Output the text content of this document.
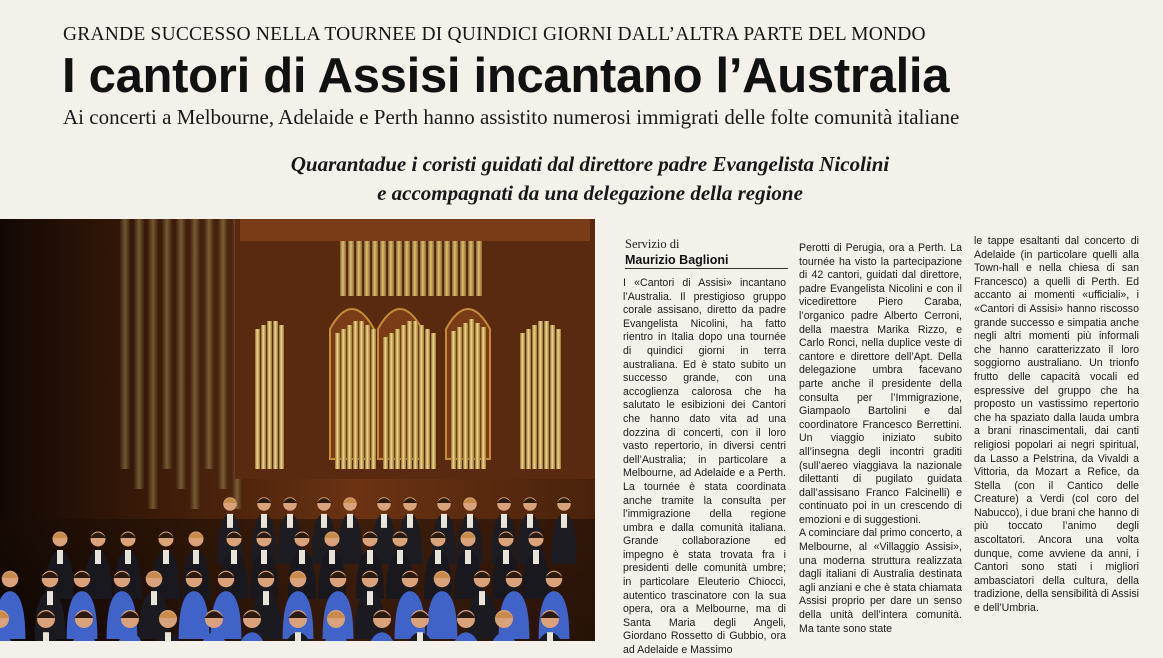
GRANDE SUCCESSO NELLA TOURNEE DI QUINDICI GIORNI DALL’ALTRA PARTE DEL MONDO
I cantori di Assisi incantano l’Australia
Ai concerti a Melbourne, Adelaide e Perth hanno assistito numerosi immigrati delle folte comunità italiane
Quarantadue i coristi guidati dal direttore padre Evangelista Nicolini
e accompagnati da una delegazione della regione
Servizio di
Maurizio Baglioni

I «Cantori di Assisi» incantano l’Australia. Il prestigioso gruppo corale assisano, diretto da padre Evangelista Nicolini, ha fatto rientro in Italia dopo una tournée di quindici giorni in terra australiana. Ed è stato subito un successo grande, con una accoglienza calorosa che ha salutato le esibizioni dei Cantori che hanno dato vita ad una dozzina di concerti, con il loro vasto repertorio, in diversi centri dell’Australia; in particolare a Melbourne, ad Adelaide e a Perth. La tournée è stata coordinata anche tramite la consulta per l’immigrazione della regione umbra e dalla comunità italiana. Grande collaborazione ed impegno è stata trovata fra i presidenti delle comunità umbre; in particolare Eleuterio Chiocci, autentico trascinatore con la sua opera, ora a Melbourne, ma di Santa Maria degli Angeli, Giordano Rossetto di Gubbio, ora ad Adelaide e Massimo

Perotti di Perugia, ora a Perth. La tournée ha visto la partecipazione di 42 cantori, guidati dal direttore, padre Evangelista Nicolini e con il vicedirettore Piero Caraba, l’organico padre Alberto Cerroni, della maestra Marika Rizzo, e Carlo Ronci, nella duplice veste di cantore e direttore dell’Apt. Della delegazione umbra facevano parte anche il presidente della consulta per l’Immigrazione, Giampaolo Bartolini e dal coordinatore Francesco Berrettini. Un viaggio iniziato subito all’insegna degli incontri graditi (sull’aereo viaggiava la nazionale dilettanti di pugilato guidata dall’assisano Franco Falcinelli) e continuato poi in un crescendo di emozioni e di suggestioni.

A cominciare dal primo concerto, a Melbourne, al «Villaggio Assisi», una moderna struttura realizzata dagli italiani di Australia destinata agli anziani e che è stata chiamata Assisi proprio per dare un senso della unità dell’intera comunità. Ma tante sono state

le tappe esaltanti dal concerto di Adelaide (in particolare quelli alla Town-hall e nella chiesa di san Francesco) a quelli di Perth. Ed accanto ai momenti «ufficiali», i «Cantori di Assisi» hanno riscosso grande successo e simpatia anche negli altri momenti più informali che hanno caratterizzato il loro soggiorno australiano. Un trionfo frutto delle capacità vocali ed espressive del gruppo che ha proposto un vastissimo repertorio che ha spaziato dalla lauda umbra a brani rinascimentali, dai canti religiosi popolari ai negri spiritual, da Lasso a Pelstrina, da Vivaldi a Vittoria, da Mozart a Refice, da Stella (con il Cantico delle Creature) a Verdi (col coro del Nabucco), i due brani che hanno di più toccato l’animo degli ascoltatori. Ancora una volta dunque, come avviene da anni, i Cantori sono stati i migliori ambasciatori della cultura, della tradizione, della sensibilità di Assisi e dell’Umbria.
